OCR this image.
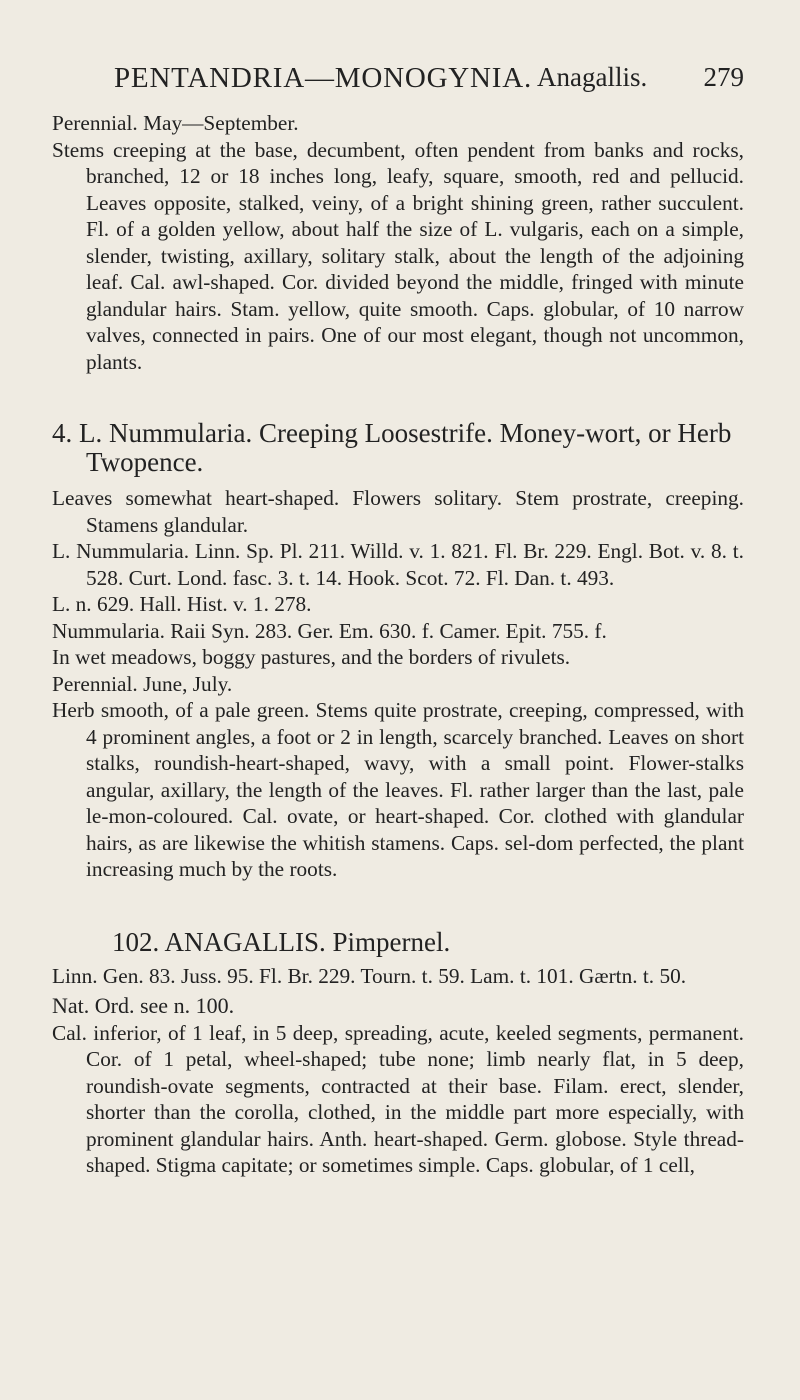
PENTANDRIA—MONOGYNIA. Anagallis. 279

Perennial. May—September.

Stems creeping at the base, decumbent, often pendent from banks and rocks, branched, 12 or 18 inches long, leafy, square, smooth, red and pellucid. Leaves opposite, stalked, veiny, of a bright shining green, rather succulent. Fl. of a golden yellow, about half the size of L. vulgaris, each on a simple, slender, twisting, axillary, solitary stalk, about the length of the adjoining leaf. Cal. awl-shaped. Cor. divided beyond the middle, fringed with minute glandular hairs. Stam. yellow, quite smooth. Caps. globular, of 10 narrow valves, connected in pairs. One of our most elegant, though not uncommon, plants.

4. L. Nummularia. Creeping Loosestrife. Money-wort, or Herb Twopence.

Leaves somewhat heart-shaped. Flowers solitary. Stem prostrate, creeping. Stamens glandular.

L. Nummularia. Linn. Sp. Pl. 211. Willd. v. 1. 821. Fl. Br. 229. Engl. Bot. v. 8. t. 528. Curt. Lond. fasc. 3. t. 14. Hook. Scot. 72. Fl. Dan. t. 493.

L. n. 629. Hall. Hist. v. 1. 278.

Nummularia. Raii Syn. 283. Ger. Em. 630. f. Camer. Epit. 755. f.

In wet meadows, boggy pastures, and the borders of rivulets.

Perennial. June, July.

Herb smooth, of a pale green. Stems quite prostrate, creeping, compressed, with 4 prominent angles, a foot or 2 in length, scarcely branched. Leaves on short stalks, roundish-heart-shaped, wavy, with a small point. Flower-stalks angular, axillary, the length of the leaves. Fl. rather larger than the last, pale le-mon-coloured. Cal. ovate, or heart-shaped. Cor. clothed with glandular hairs, as are likewise the whitish stamens. Caps. sel-dom perfected, the plant increasing much by the roots.

102. ANAGALLIS. Pimpernel.

Linn. Gen. 83. Juss. 95. Fl. Br. 229. Tourn. t. 59. Lam. t. 101. Gærtn. t. 50.

Nat. Ord. see n. 100.

Cal. inferior, of 1 leaf, in 5 deep, spreading, acute, keeled segments, permanent. Cor. of 1 petal, wheel-shaped; tube none; limb nearly flat, in 5 deep, roundish-ovate segments, contracted at their base. Filam. erect, slender, shorter than the corolla, clothed, in the middle part more especially, with prominent glandular hairs. Anth. heart-shaped. Germ. globose. Style thread-shaped. Stigma capitate; or sometimes simple. Caps. globular, of 1 cell,
